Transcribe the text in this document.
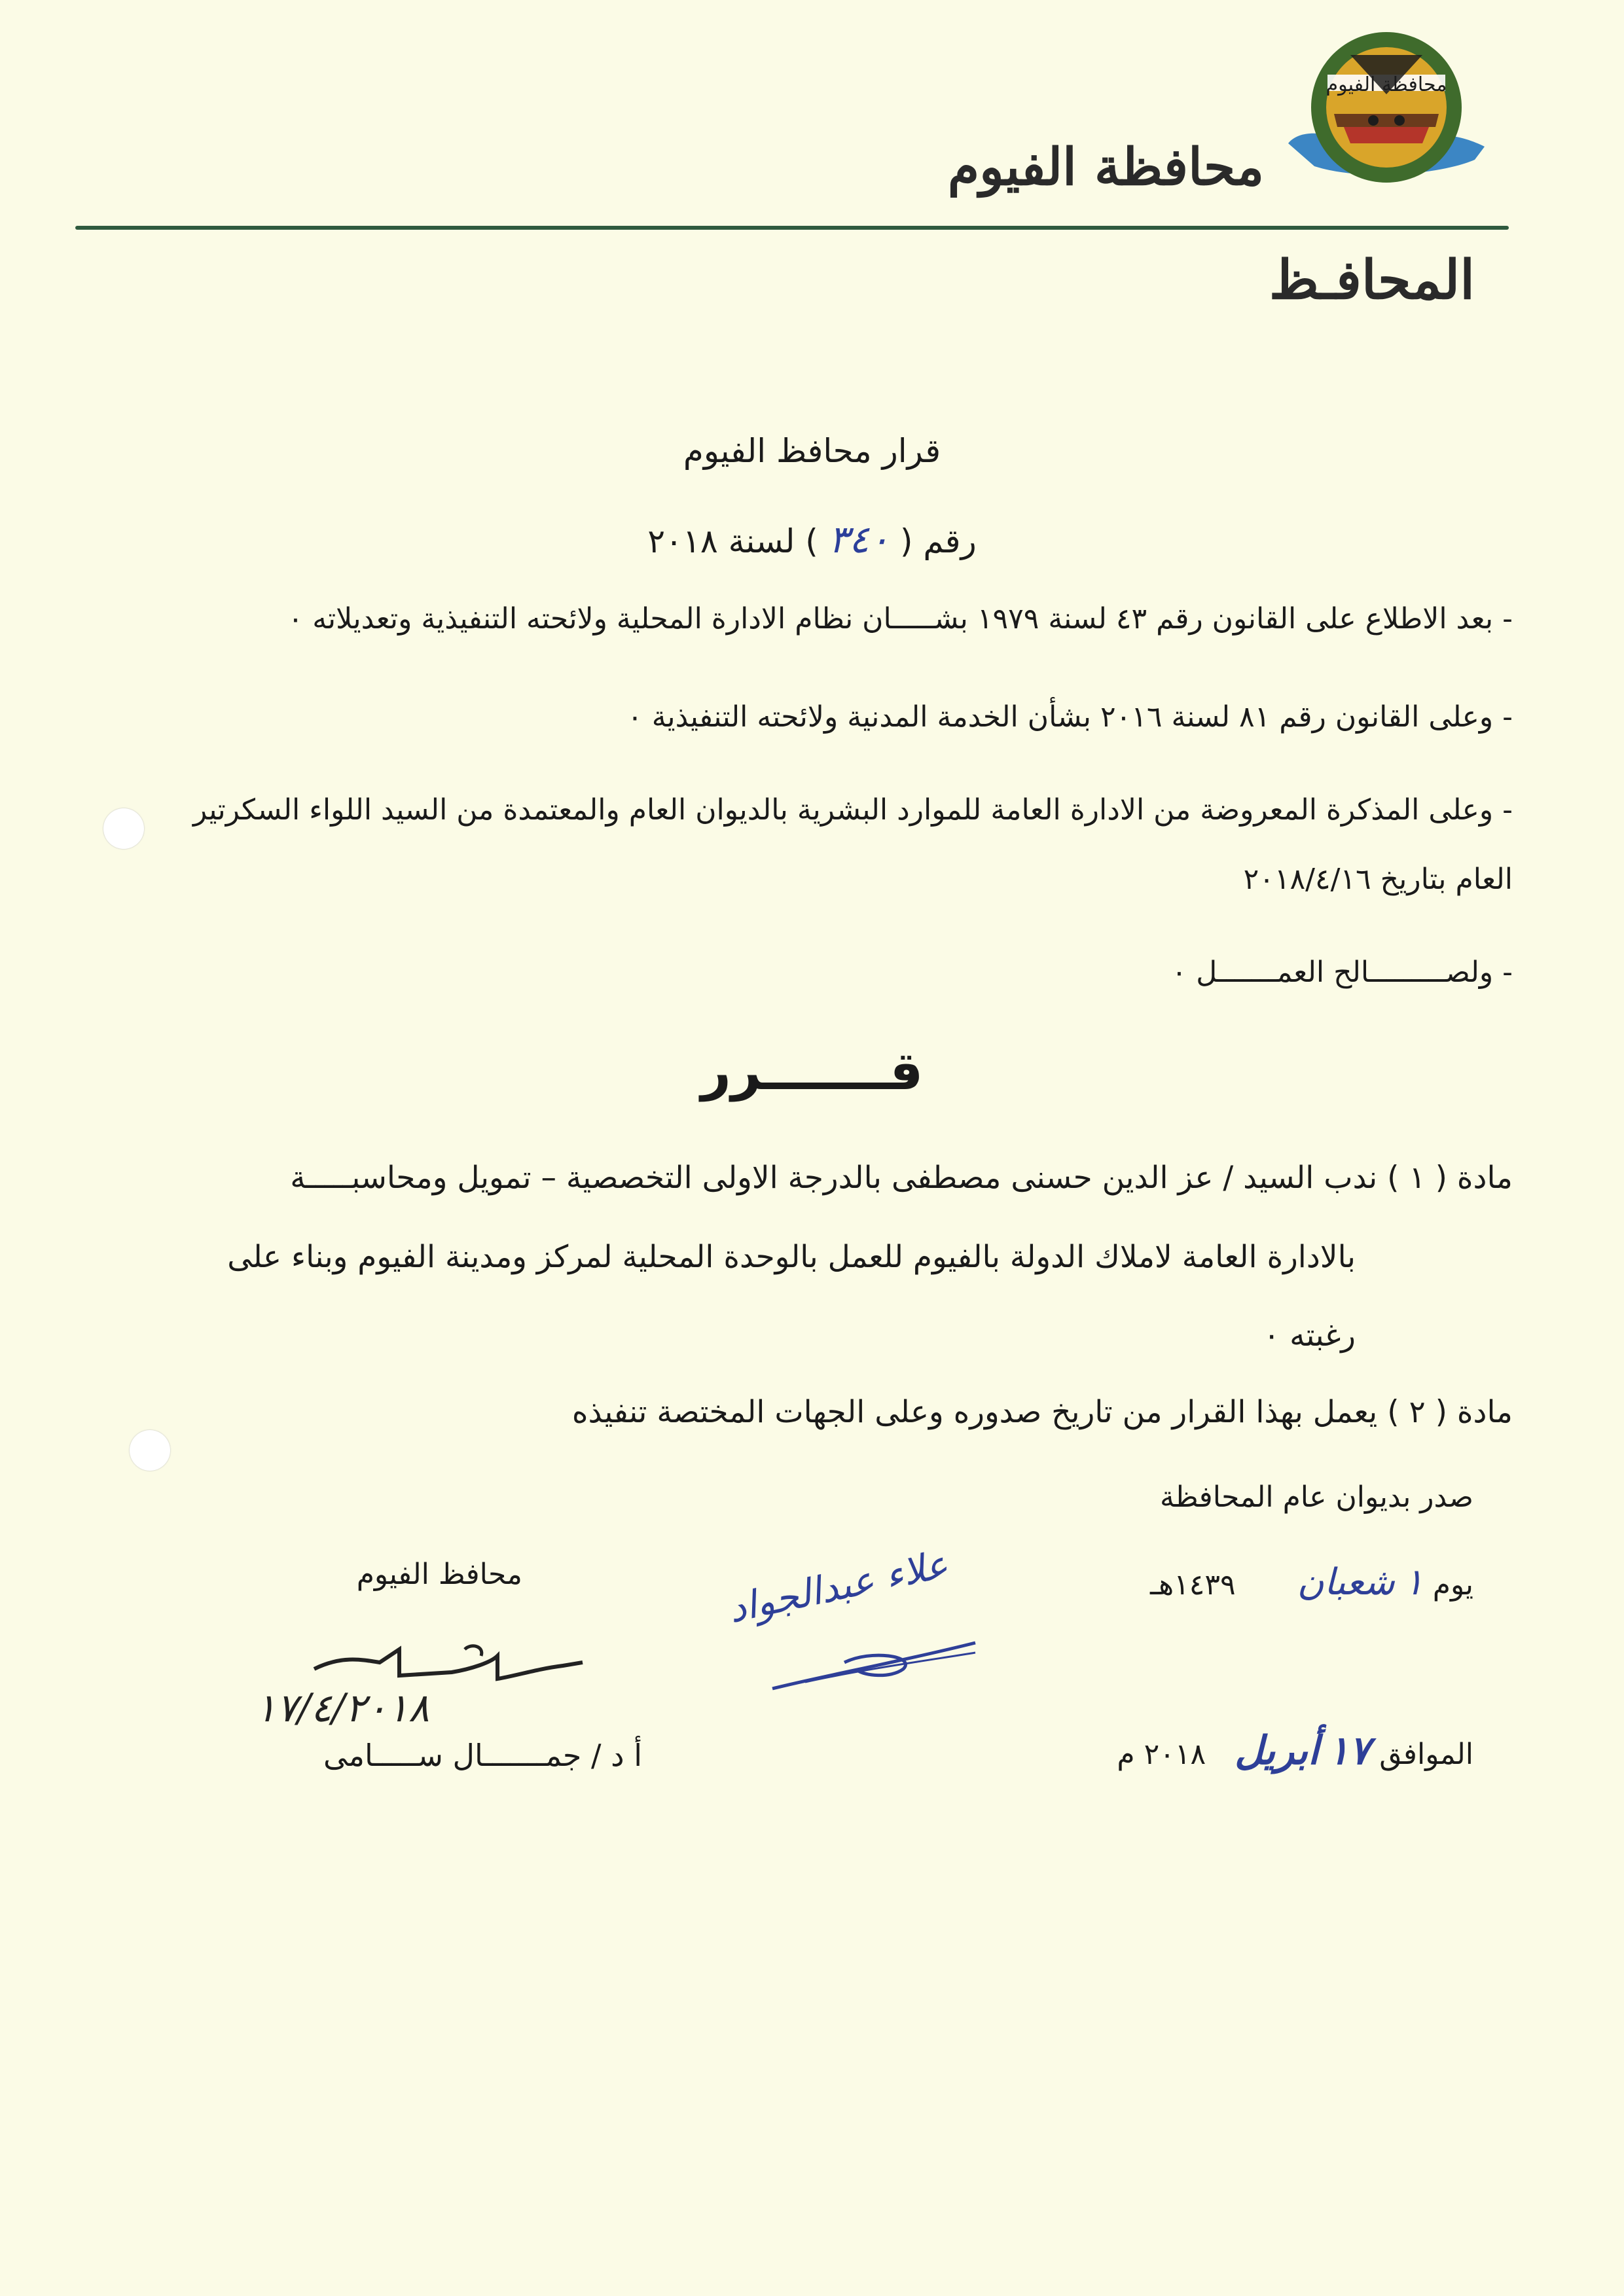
محافظة الفيوم
محافظة الفيوم
المحافـظ
قرار محافظ الفيوم
رقم ( ٣٤٠ ) لسنة ٢٠١٨
- بعد الاطلاع على القانون رقم ٤٣ لسنة ١٩٧٩ بشـــــان نظام الادارة المحلية ولائحته التنفيذية وتعديلاته ٠
- وعلى القانون رقم ٨١ لسنة ٢٠١٦ بشأن الخدمة المدنية ولائحته التنفيذية ٠
- وعلى المذكرة المعروضة من الادارة العامة للموارد البشرية بالديوان العام والمعتمدة من السيد اللواء السكرتير
العام بتاريخ ٢٠١٨/٤/١٦
- ولصـــــــــالح العمـــــــل ٠
قـــــــرر
مادة ( ١ ) ندب السيد / عز الدين حسنى مصطفى بالدرجة الاولى التخصصية – تمويل ومحاسبـــــة
بالادارة العامة لاملاك الدولة بالفيوم للعمل بالوحدة المحلية لمركز ومدينة الفيوم وبناء على
رغبته ٠
مادة ( ٢ ) يعمل بهذا القرار من تاريخ صدوره وعلى الجهات المختصة تنفيذه
صدر بديوان عام المحافظة
يوم ١ شعبان ١٤٣٩هـ
الموافق ١٧ أبريل ٢٠١٨ م
علاء عبدالجواد
محافظ الفيوم
١٧/٤/٢٠١٨
أ د / جمـــــــال ســـــامى
